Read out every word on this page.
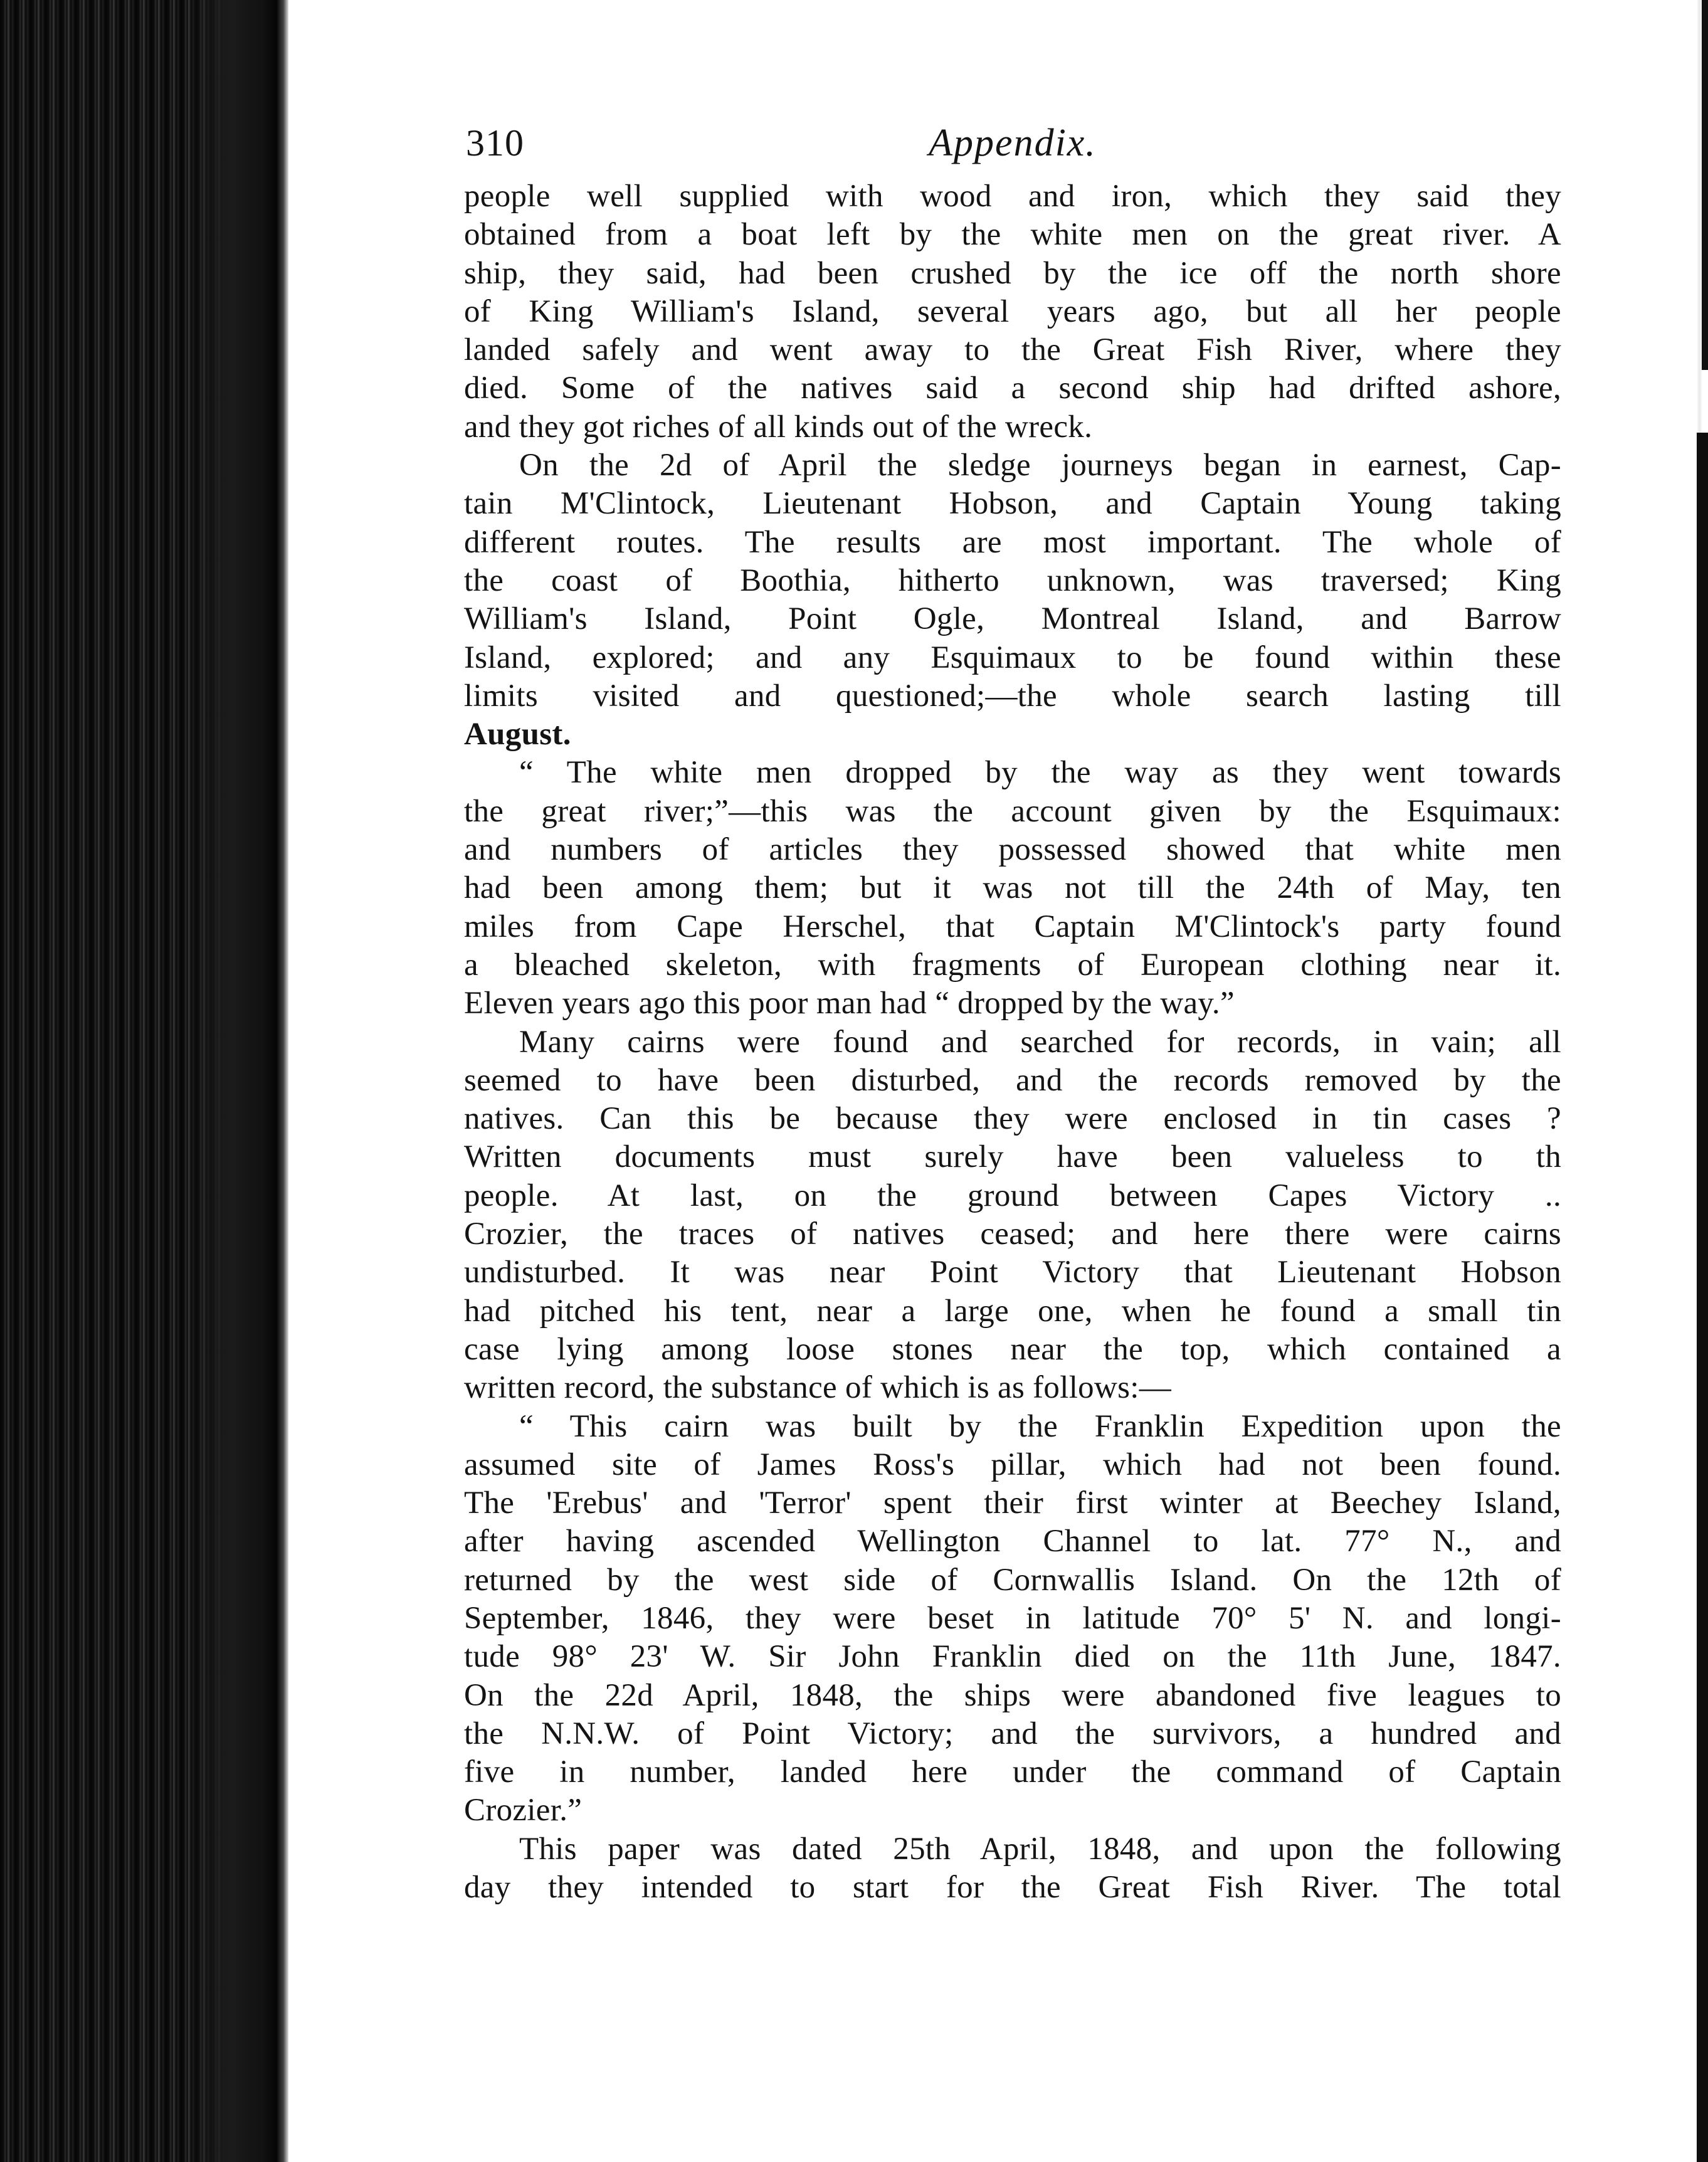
310	Appendix.
people well supplied with wood and iron, which they said they
obtained from a boat left by the white men on the great river. A
ship, they said, had been crushed by the ice off the north shore
of King William's Island, several years ago, but all her people
landed safely and went away to the Great Fish River, where they
died. Some of the natives said a second ship had drifted ashore,
and they got riches of all kinds out of the wreck.
On the 2d of April the sledge journeys began in earnest, Cap-
tain M'Clintock, Lieutenant Hobson, and Captain Young taking
different routes. The results are most important. The whole of
the coast of Boothia, hitherto unknown, was traversed; King
William's Island, Point Ogle, Montreal Island, and Barrow
Island, explored; and any Esquimaux to be found within these
limits visited and questioned;—the whole search lasting till
August.
“ The white men dropped by the way as they went towards
the great river;”—this was the account given by the Esquimaux:
and numbers of articles they possessed showed that white men
had been among them; but it was not till the 24th of May, ten
miles from Cape Herschel, that Captain M'Clintock's party found
a bleached skeleton, with fragments of European clothing near it.
Eleven years ago this poor man had “ dropped by the way.”
Many cairns were found and searched for records, in vain; all
seemed to have been disturbed, and the records removed by the
natives. Can this be because they were enclosed in tin cases ?
Written documents must surely have been valueless to th
people. At last, on the ground between Capes Victory ..
Crozier, the traces of natives ceased; and here there were cairns
undisturbed. It was near Point Victory that Lieutenant Hobson
had pitched his tent, near a large one, when he found a small tin
case lying among loose stones near the top, which contained a
written record, the substance of which is as follows:—
“ This cairn was built by the Franklin Expedition upon the
assumed site of James Ross's pillar, which had not been found.
The 'Erebus' and 'Terror' spent their first winter at Beechey Island,
after having ascended Wellington Channel to lat. 77° N., and
returned by the west side of Cornwallis Island. On the 12th of
September, 1846, they were beset in latitude 70° 5' N. and longi-
tude 98° 23' W. Sir John Franklin died on the 11th June, 1847.
On the 22d April, 1848, the ships were abandoned five leagues to
the N.N.W. of Point Victory; and the survivors, a hundred and
five in number, landed here under the command of Captain
Crozier.”
This paper was dated 25th April, 1848, and upon the following
day they intended to start for the Great Fish River. The total
